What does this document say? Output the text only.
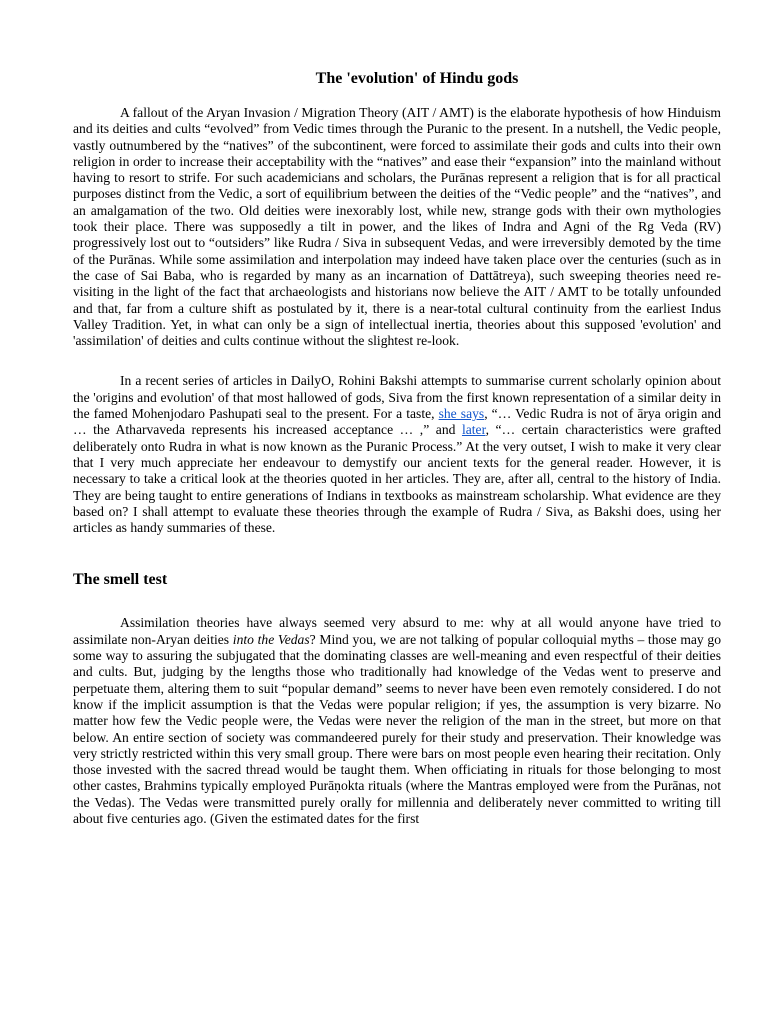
The 'evolution' of Hindu gods

A fallout of the Aryan Invasion / Migration Theory (AIT / AMT) is the elaborate hypothesis of how Hinduism and its deities and cults “evolved” from Vedic times through the Puranic to the present. In a nutshell, the Vedic people, vastly outnumbered by the “natives” of the subcontinent, were forced to assimilate their gods and cults into their own religion in order to increase their acceptability with the “natives” and ease their “expansion” into the mainland without having to resort to strife. For such academicians and scholars, the Purānas represent a religion that is for all practical purposes distinct from the Vedic, a sort of equilibrium between the deities of the “Vedic people” and the “natives”, and an amalgamation of the two. Old deities were inexorably lost, while new, strange gods with their own mythologies took their place. There was supposedly a tilt in power, and the likes of Indra and Agni of the Rg Veda (RV) progressively lost out to “outsiders” like Rudra / Siva in subsequent Vedas, and were irreversibly demoted by the time of the Purānas. While some assimilation and interpolation may indeed have taken place over the centuries (such as in the case of Sai Baba, who is regarded by many as an incarnation of Dattātreya), such sweeping theories need re-visiting in the light of the fact that archaeologists and historians now believe the AIT / AMT to be totally unfounded and that, far from a culture shift as postulated by it, there is a near-total cultural continuity from the earliest Indus Valley Tradition. Yet, in what can only be a sign of intellectual inertia, theories about this supposed 'evolution' and 'assimilation' of deities and cults continue without the slightest re-look.

In a recent series of articles in DailyO, Rohini Bakshi attempts to summarise current scholarly opinion about the 'origins and evolution' of that most hallowed of gods, Siva from the first known representation of a similar deity in the famed Mohenjodaro Pashupati seal to the present. For a taste, she says, “… Vedic Rudra is not of ārya origin and … the Atharvaveda represents his increased acceptance … ,” and later, “… certain characteristics were grafted deliberately onto Rudra in what is now known as the Puranic Process.” At the very outset, I wish to make it very clear that I very much appreciate her endeavour to demystify our ancient texts for the general reader. However, it is necessary to take a critical look at the theories quoted in her articles. They are, after all, central to the history of India. They are being taught to entire generations of Indians in textbooks as mainstream scholarship. What evidence are they based on? I shall attempt to evaluate these theories through the example of Rudra / Siva, as Bakshi does, using her articles as handy summaries of these.

The smell test

Assimilation theories have always seemed very absurd to me: why at all would anyone have tried to assimilate non-Aryan deities into the Vedas? Mind you, we are not talking of popular colloquial myths – those may go some way to assuring the subjugated that the dominating classes are well-meaning and even respectful of their deities and cults. But, judging by the lengths those who traditionally had knowledge of the Vedas went to preserve and perpetuate them, altering them to suit “popular demand” seems to never have been even remotely considered. I do not know if the implicit assumption is that the Vedas were popular religion; if yes, the assumption is very bizarre. No matter how few the Vedic people were, the Vedas were never the religion of the man in the street, but more on that below. An entire section of society was commandeered purely for their study and preservation. Their knowledge was very strictly restricted within this very small group. There were bars on most people even hearing their recitation. Only those invested with the sacred thread would be taught them. When officiating in rituals for those belonging to most other castes, Brahmins typically employed Purāṇokta rituals (where the Mantras employed were from the Purānas, not the Vedas). The Vedas were transmitted purely orally for millennia and deliberately never committed to writing till about five centuries ago. (Given the estimated dates for the first
